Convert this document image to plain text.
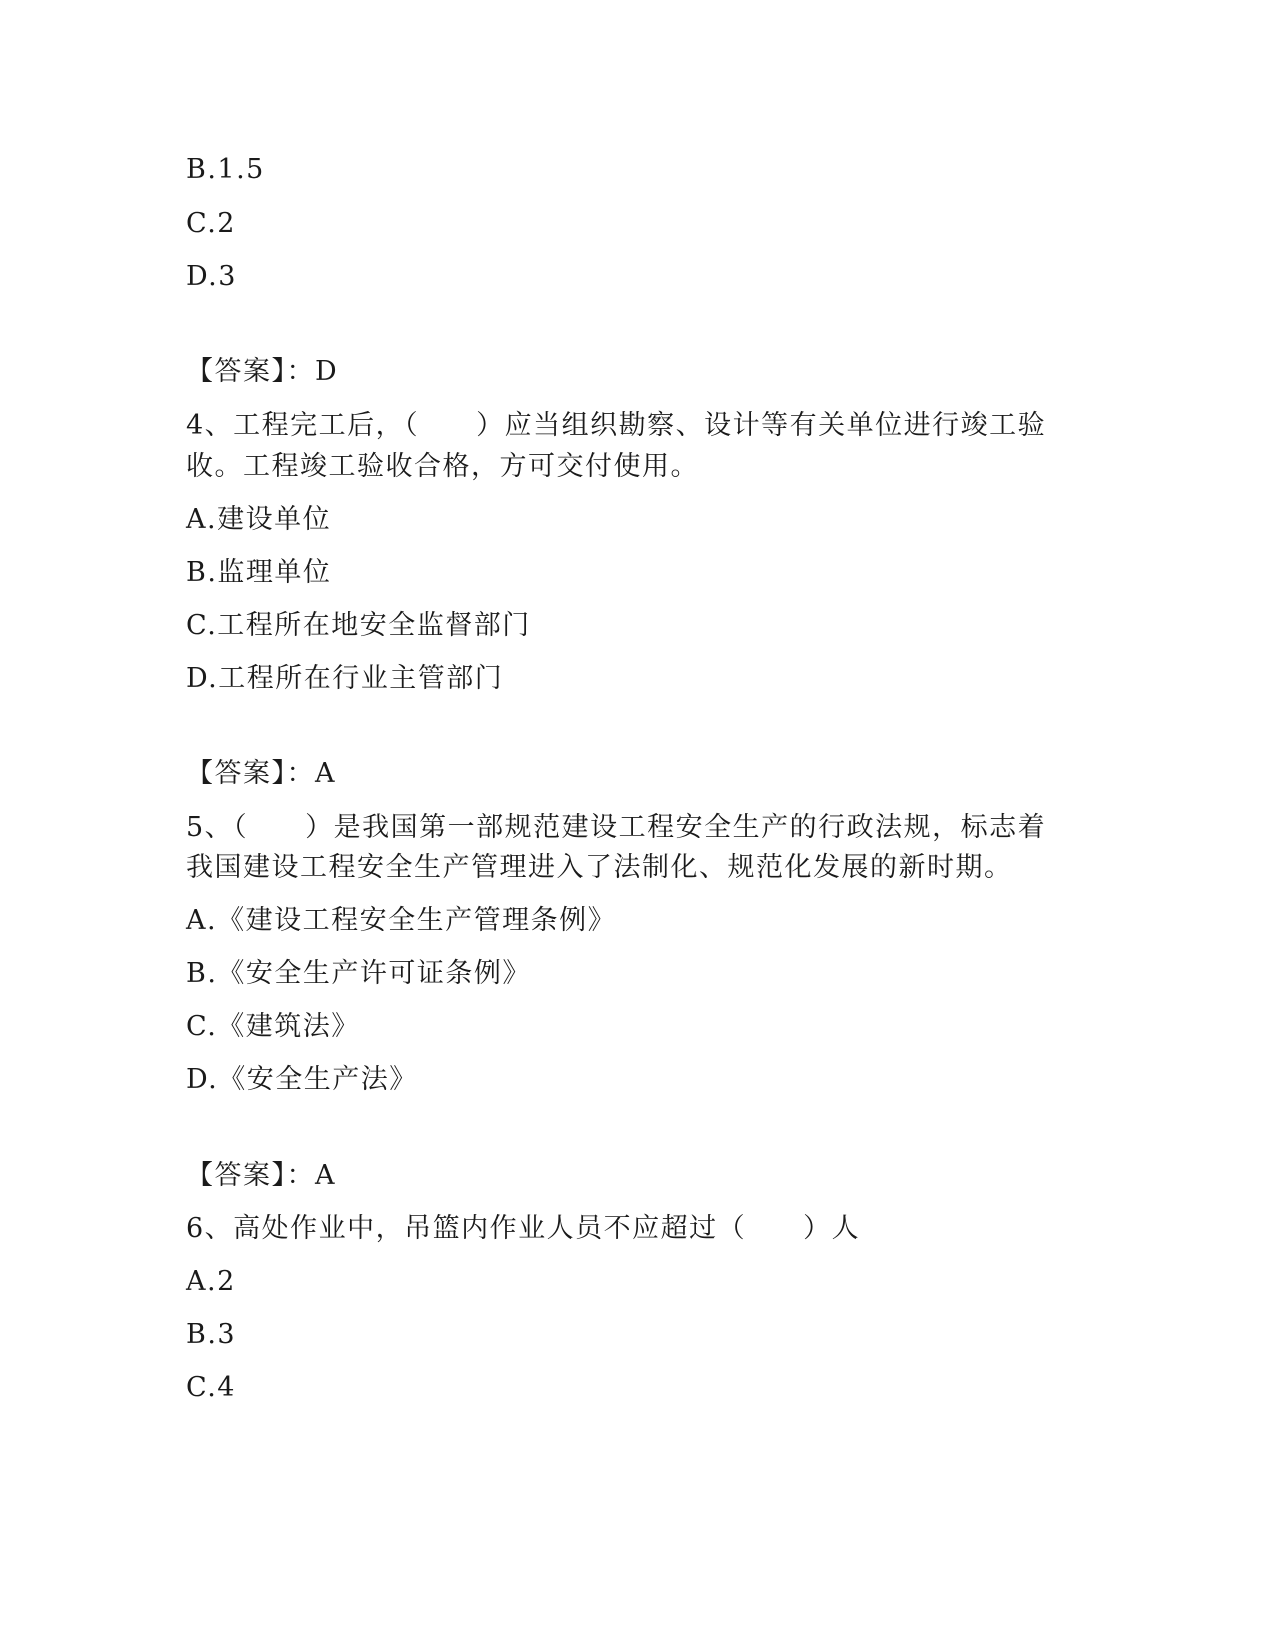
B.1.5
C.2
D.3
【答案】：D
4、工程完工后，（　　）应当组织勘察、设计等有关单位进行竣工验
收。工程竣工验收合格，方可交付使用。
A.建设单位
B.监理单位
C.工程所在地安全监督部门
D.工程所在行业主管部门
【答案】：A
5、（　　）是我国第一部规范建设工程安全生产的行政法规，标志着
我国建设工程安全生产管理进入了法制化、规范化发展的新时期。
A.《建设工程安全生产管理条例》
B.《安全生产许可证条例》
C.《建筑法》
D.《安全生产法》
【答案】：A
6、高处作业中，吊篮内作业人员不应超过（　　）人
A.2
B.3
C.4
